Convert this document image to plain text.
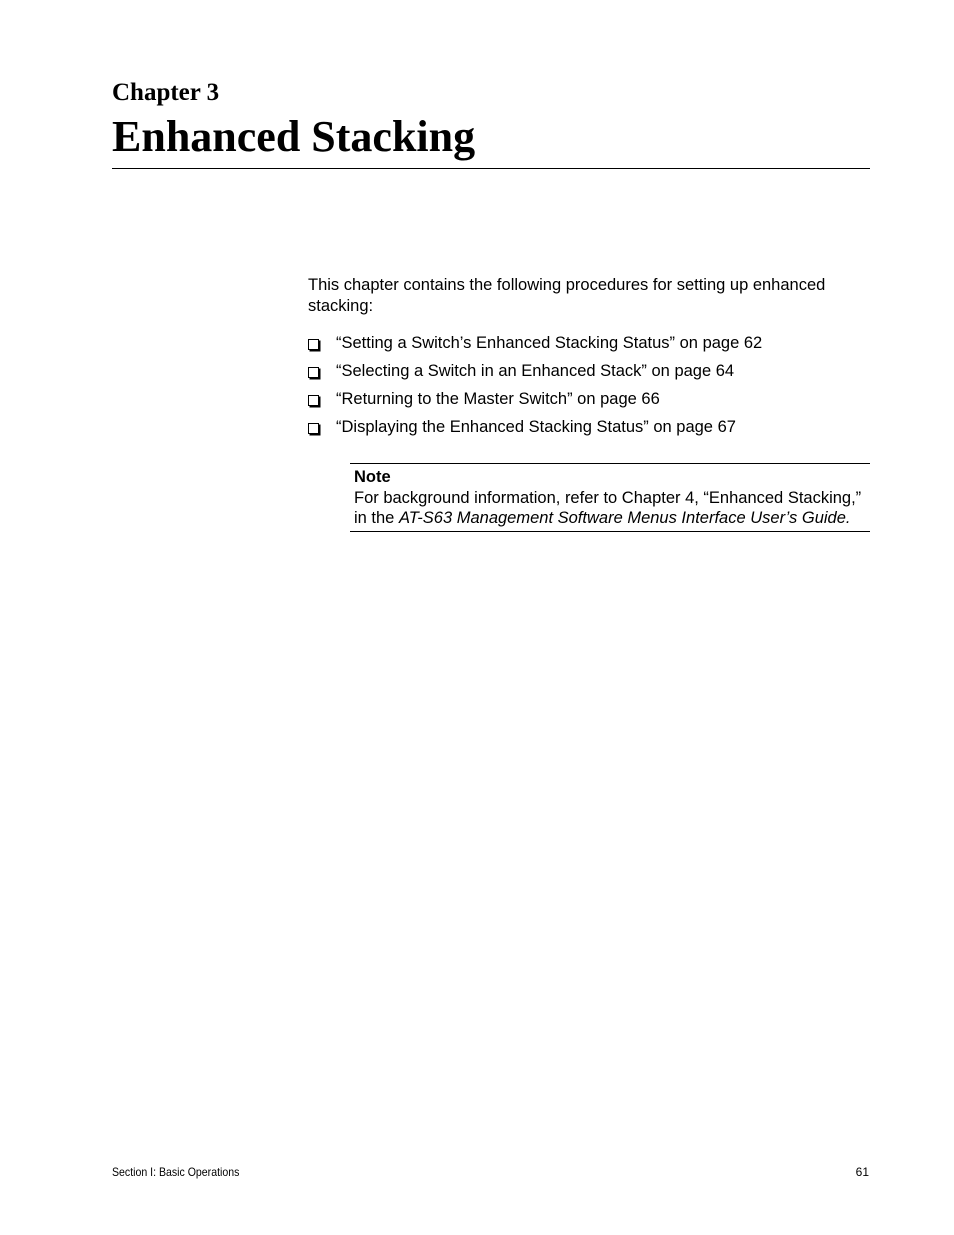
Chapter 3
Enhanced Stacking

This chapter contains the following procedures for setting up enhanced stacking:

“Setting a Switch’s Enhanced Stacking Status” on page 62
“Selecting a Switch in an Enhanced Stack” on page 64
“Returning to the Master Switch” on page 66
“Displaying the Enhanced Stacking Status” on page 67
Note
For background information, refer to Chapter 4, “Enhanced Stacking,” in the AT-S63 Management Software Menus Interface User’s Guide.
Section I: Basic Operations	61
